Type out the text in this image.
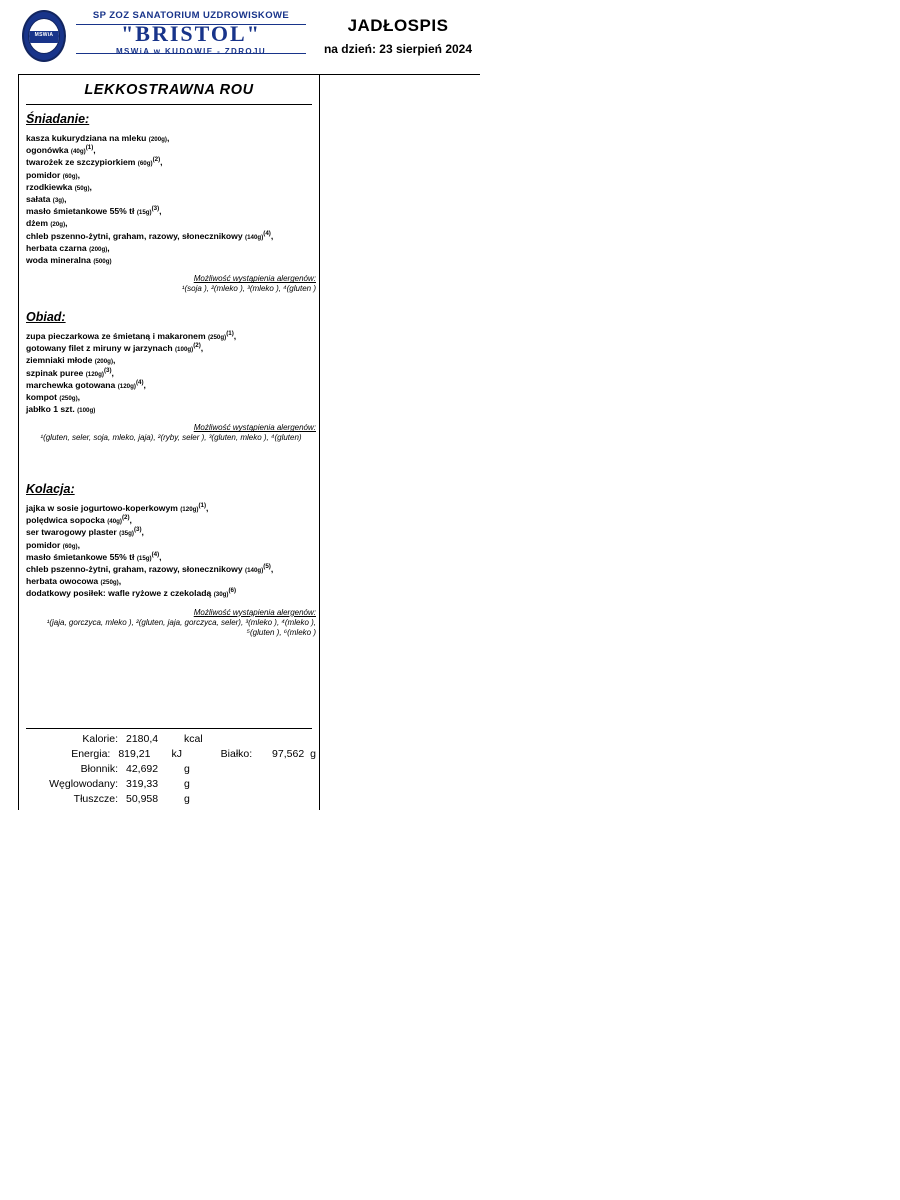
MSWiA
SP ZOZ SANATORIUM UZDROWISKOWE
"BRISTOL"
MSWiA w KUDOWIE - ZDROJU
JADŁOSPIS
na dzień: 23 sierpień 2024
LEKKOSTRAWNA ROU
Śniadanie:
kasza kukurydziana na mleku (200g),
ogonówka $(40g)^{(1)}$,
twarożek ze szczypiorkiem $(60g)^{(2)}$,
pomidor (60g),
rzodkiewka (50g),
sałata (3g),
masło śmietankowe 55% tł $(15g)^{(3)}$,
dżem (20g),
chleb pszenno-żytni, graham, razowy, słonecznikowy $(140g)^{(4)}$,
herbata czarna (200g),
woda mineralna (500g)
Możliwość wystąpienia alergenów:
¹(soja ), ²(mleko ), ³(mleko ), ⁴(gluten )
Obiad:
zupa pieczarkowa ze śmietaną i makaronem $(250g)^{(1)}$,
gotowany filet z miruny w jarzynach $(100g)^{(2)}$,
ziemniaki młode (200g),
szpinak puree $(120g)^{(3)}$,
marchewka gotowana $(120g)^{(4)}$,
kompot (250g),
jabłko 1 szt. (100g)
Możliwość wystąpienia alergenów:
¹(gluten, seler, soja, mleko, jaja), ²(ryby, seler ), ³(gluten, mleko ), ⁴(gluten)
Kolacja:
jajka w sosie jogurtowo-koperkowym $(120g)^{(1)}$,
polędwica sopocka $(40g)^{(2)}$,
ser twarogowy plaster $(35g)^{(3)}$,
pomidor (60g),
masło śmietankowe 55% tł $(15g)^{(4)}$,
chleb pszenno-żytni, graham, razowy, słonecznikowy $(140g)^{(5)}$,
herbata owocowa (250g),
dodatkowy posiłek: wafle ryżowe z czekoladą $(30g)^{(6)}$
Możliwość wystąpienia alergenów:
¹(jaja, gorczyca, mleko ), ²(gluten, jaja, gorczyca, seler), ³(mleko ), ⁴(mleko ), ⁵(gluten ), ⁶(mleko )
Kalorie: 2180,4	kcal
Energia: 819,21	kJ	Białko:	97,562 g
Błonnik: 42,692	g
Węglowodany: 319,33	g
Tłuszcze: 50,958	g
